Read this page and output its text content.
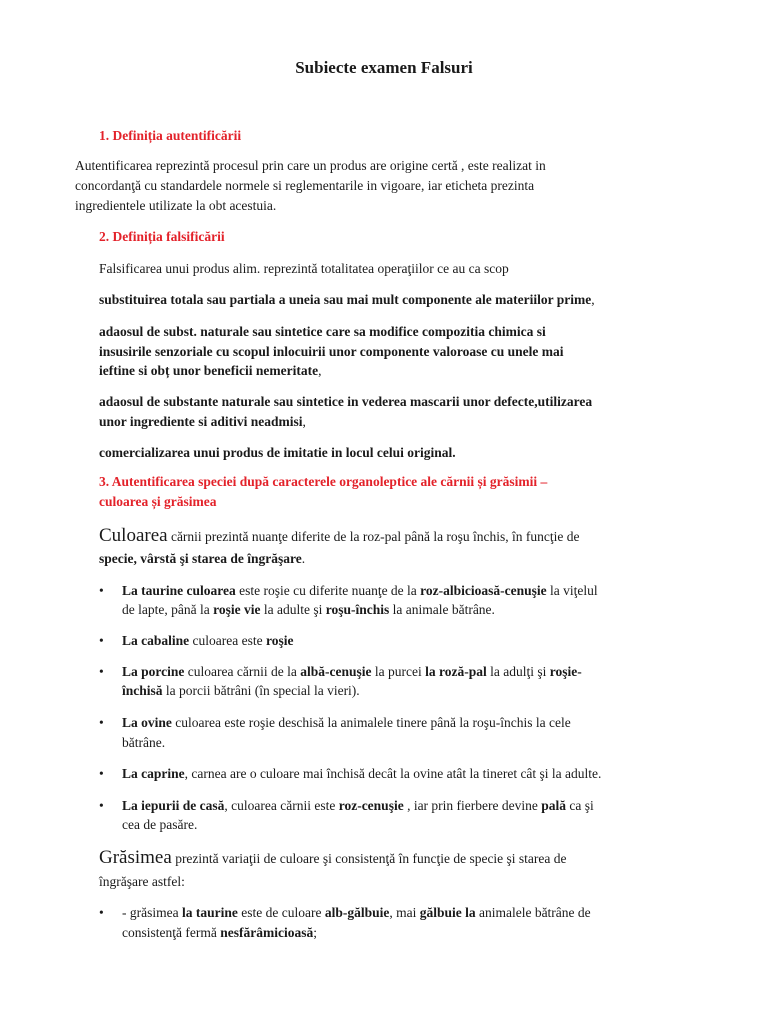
Subiecte examen Falsuri

1. Definiția autentificării

Autentificarea reprezintă procesul prin care un produs are origine certă , este realizat in

concordanţă cu standardele normele si reglementarile in vigoare, iar eticheta prezinta

ingredientele utilizate la obt acestuia.

2. Definiția falsificării

Falsificarea unui produs alim. reprezintă totalitatea operaţiilor ce au ca scop

substituirea totala sau partiala a uneia sau mai mult componente ale materiilor prime,

adaosul de subst. naturale sau sintetice care sa modifice compozitia chimica si

insusirile senzoriale cu scopul inlocuirii unor componente valoroase cu unele mai

ieftine si obț unor beneficii nemeritate,

adaosul de substante naturale sau sintetice in vederea mascarii unor defecte,utilizarea

unor ingrediente si aditivi neadmisi,

comercializarea unui produs de imitatie in locul celui original.

3. Autentificarea speciei după caracterele organoleptice ale cărnii și grăsimii –

culoarea și grăsimea

Culoarea cărnii prezintă nuanţe diferite de la roz-pal până la roşu închis, în funcţie de

specie, vârstă şi starea de îngrăşare.

• La taurine culoarea este roşie cu diferite nuanţe de la roz-albicioasă-cenuşie la viţelul
de lapte, până la roşie vie la adulte şi roşu-închis la animale bătrâne.
• La cabaline culoarea este roşie
• La porcine culoarea cărnii de la albă-cenuşie la purcei la roză-pal la adulţi şi roşie-
închisă la porcii bătrâni (în special la vieri).
• La ovine culoarea este roşie deschisă la animalele tinere până la roşu-închis la cele
bătrâne.
• La caprine, carnea are o culoare mai închisă decât la ovine atât la tineret cât şi la adulte.
• La iepurii de casă, culoarea cărnii este roz-cenuşie , iar prin fierbere devine pală ca şi
cea de pasăre.

Grăsimea prezintă variaţii de culoare şi consistenţă în funcţie de specie şi starea de

îngrăşare astfel:

• - grăsimea la taurine este de culoare alb-gălbuie, mai gălbuie la animalele bătrâne de
consistenţă fermă nesfărâmicioasă;
